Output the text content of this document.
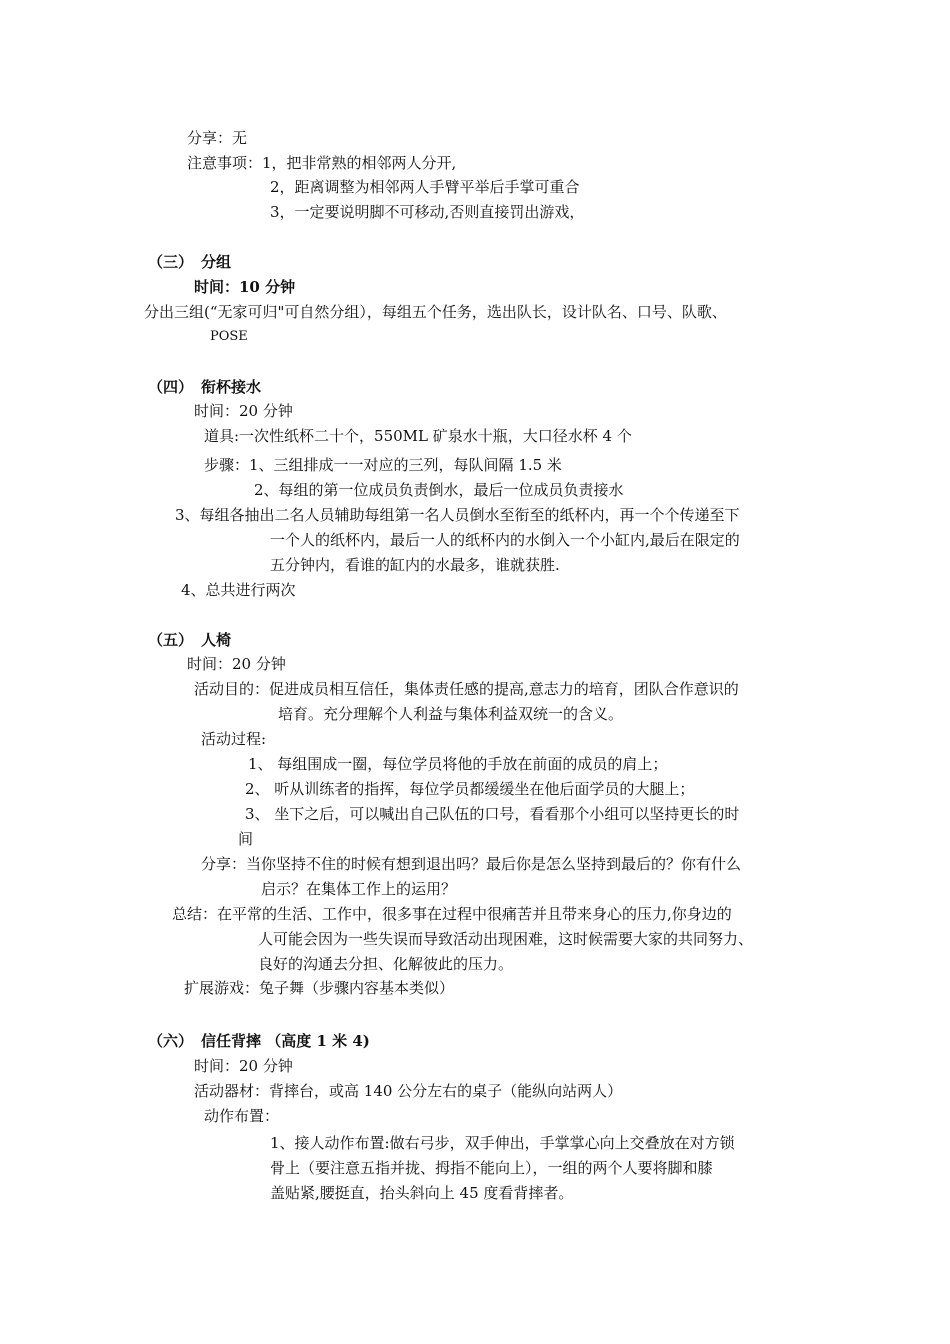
分享：无
注意事项：1，把非常熟的相邻两人分开,
2，距离调整为相邻两人手臂平举后手掌可重合
3，一定要说明脚不可移动,否则直接罚出游戏，
（三） 分组
时间：10 分钟
分出三组(“无家可归"可自然分组），每组五个任务，选出队长，设计队名、口号、队歌、
POSE
（四） 衔杯接水
时间：20 分钟
道具:一次性纸杯二十个，550ML 矿泉水十瓶，大口径水杯 4 个
步骤：1、三组排成一一对应的三列，每队间隔 1.5 米
2、每组的第一位成员负责倒水，最后一位成员负责接水
3、每组各抽出二名人员辅助每组第一名人员倒水至衔至的纸杯内，再一个个传递至下
一个人的纸杯内，最后一人的纸杯内的水倒入一个小缸内,最后在限定的
五分钟内，看谁的缸内的水最多，谁就获胜.
4、总共进行两次
（五） 人椅
时间：20 分钟
活动目的：促进成员相互信任，集体责任感的提高,意志力的培育，团队合作意识的
培育。充分理解个人利益与集体利益双统一的含义。
活动过程:
1、 每组围成一圈，每位学员将他的手放在前面的成员的肩上；
2、 听从训练者的指挥，每位学员都缓缓坐在他后面学员的大腿上；
3、 坐下之后，可以喊出自己队伍的口号，看看那个小组可以坚持更长的时
间
分享：当你坚持不住的时候有想到退出吗？最后你是怎么坚持到最后的？你有什么
启示？在集体工作上的运用？
总结：在平常的生活、工作中，很多事在过程中很痛苦并且带来身心的压力,你身边的
人可能会因为一些失误而导致活动出现困难，这时候需要大家的共同努力、
良好的沟通去分担、化解彼此的压力。
扩展游戏：兔子舞（步骤内容基本类似）
（六） 信任背摔 （高度 1 米 4)
时间：20 分钟
活动器材：背摔台，或高 140 公分左右的桌子（能纵向站两人）
动作布置：
1、接人动作布置:做右弓步，双手伸出，手掌掌心向上交叠放在对方锁
骨上（要注意五指并拢、拇指不能向上），一组的两个人要将脚和膝
盖贴紧,腰挺直，抬头斜向上 45 度看背摔者。
